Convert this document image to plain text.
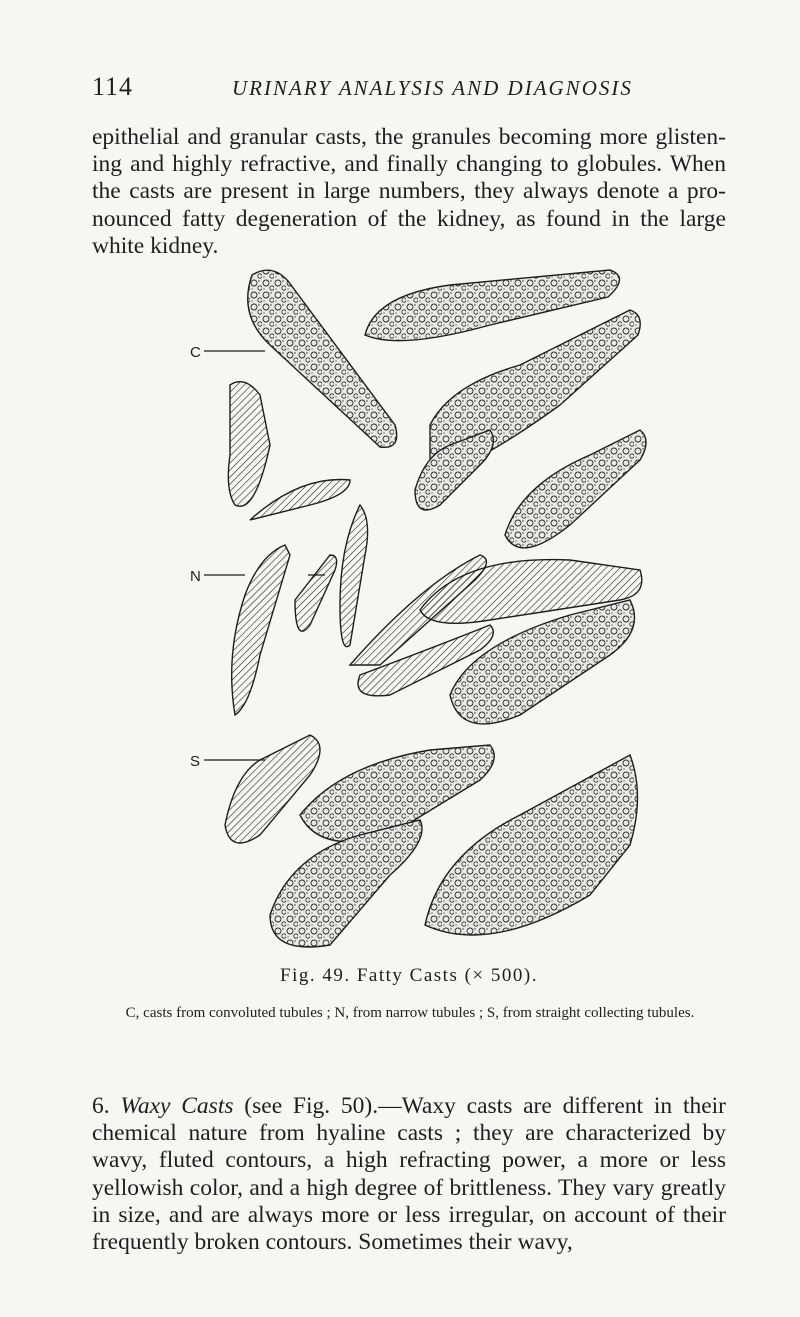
114	URINARY ANALYSIS AND DIAGNOSIS

epithelial and granular casts, the granules becoming more glisten-ing and highly refractive, and finally changing to globules. When the casts are present in large numbers, they always denote a pro-nounced fatty degeneration of the kidney, as found in the large white kidney.

C
N
S
Fig. 49. Fatty Casts (× 500).
C, casts from convoluted tubules ; N, from narrow tubules ; S, from straight collecting tubules.

6. Waxy Casts (see Fig. 50).—Waxy casts are different in their chemical nature from hyaline casts ; they are characterized by wavy, fluted contours, a high refracting power, a more or less yellowish color, and a high degree of brittleness. They vary greatly in size, and are always more or less irregular, on account of their frequently broken contours. Sometimes their wavy,
